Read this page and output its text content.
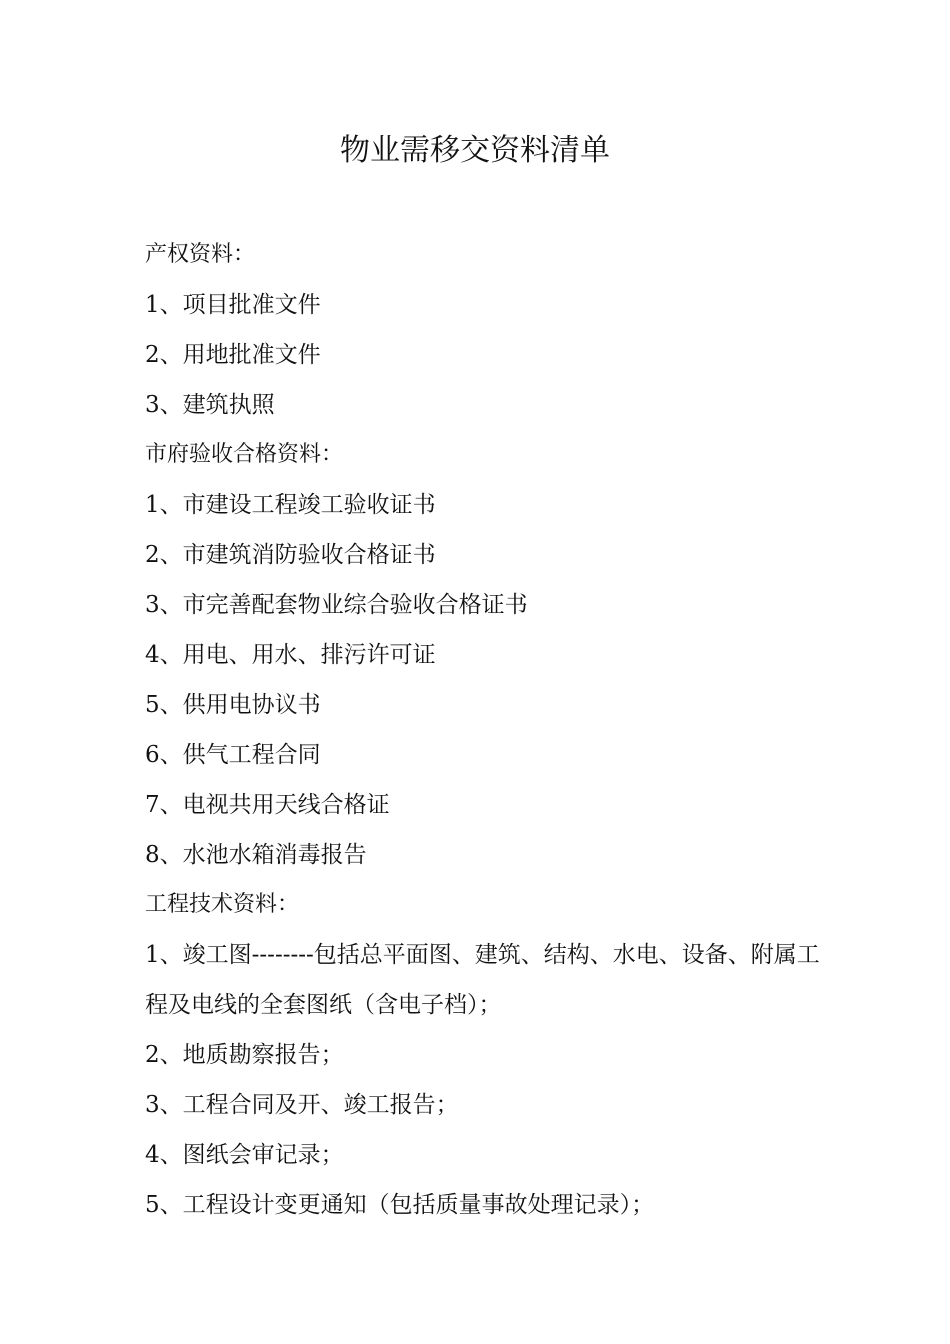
物业需移交资料清单

产权资料：

1、项目批准文件

2、用地批准文件

3、建筑执照

市府验收合格资料：

1、市建设工程竣工验收证书

2、市建筑消防验收合格证书

3、市完善配套物业综合验收合格证书

4、用电、用水、排污许可证

5、供用电协议书

6、供气工程合同

7、电视共用天线合格证

8、水池水箱消毒报告

工程技术资料：

1、竣工图--------包括总平面图、建筑、结构、水电、设备、附属工程及电线的全套图纸（含电子档）；

2、地质勘察报告；

3、工程合同及开、竣工报告；

4、图纸会审记录；

5、工程设计变更通知（包括质量事故处理记录）；
